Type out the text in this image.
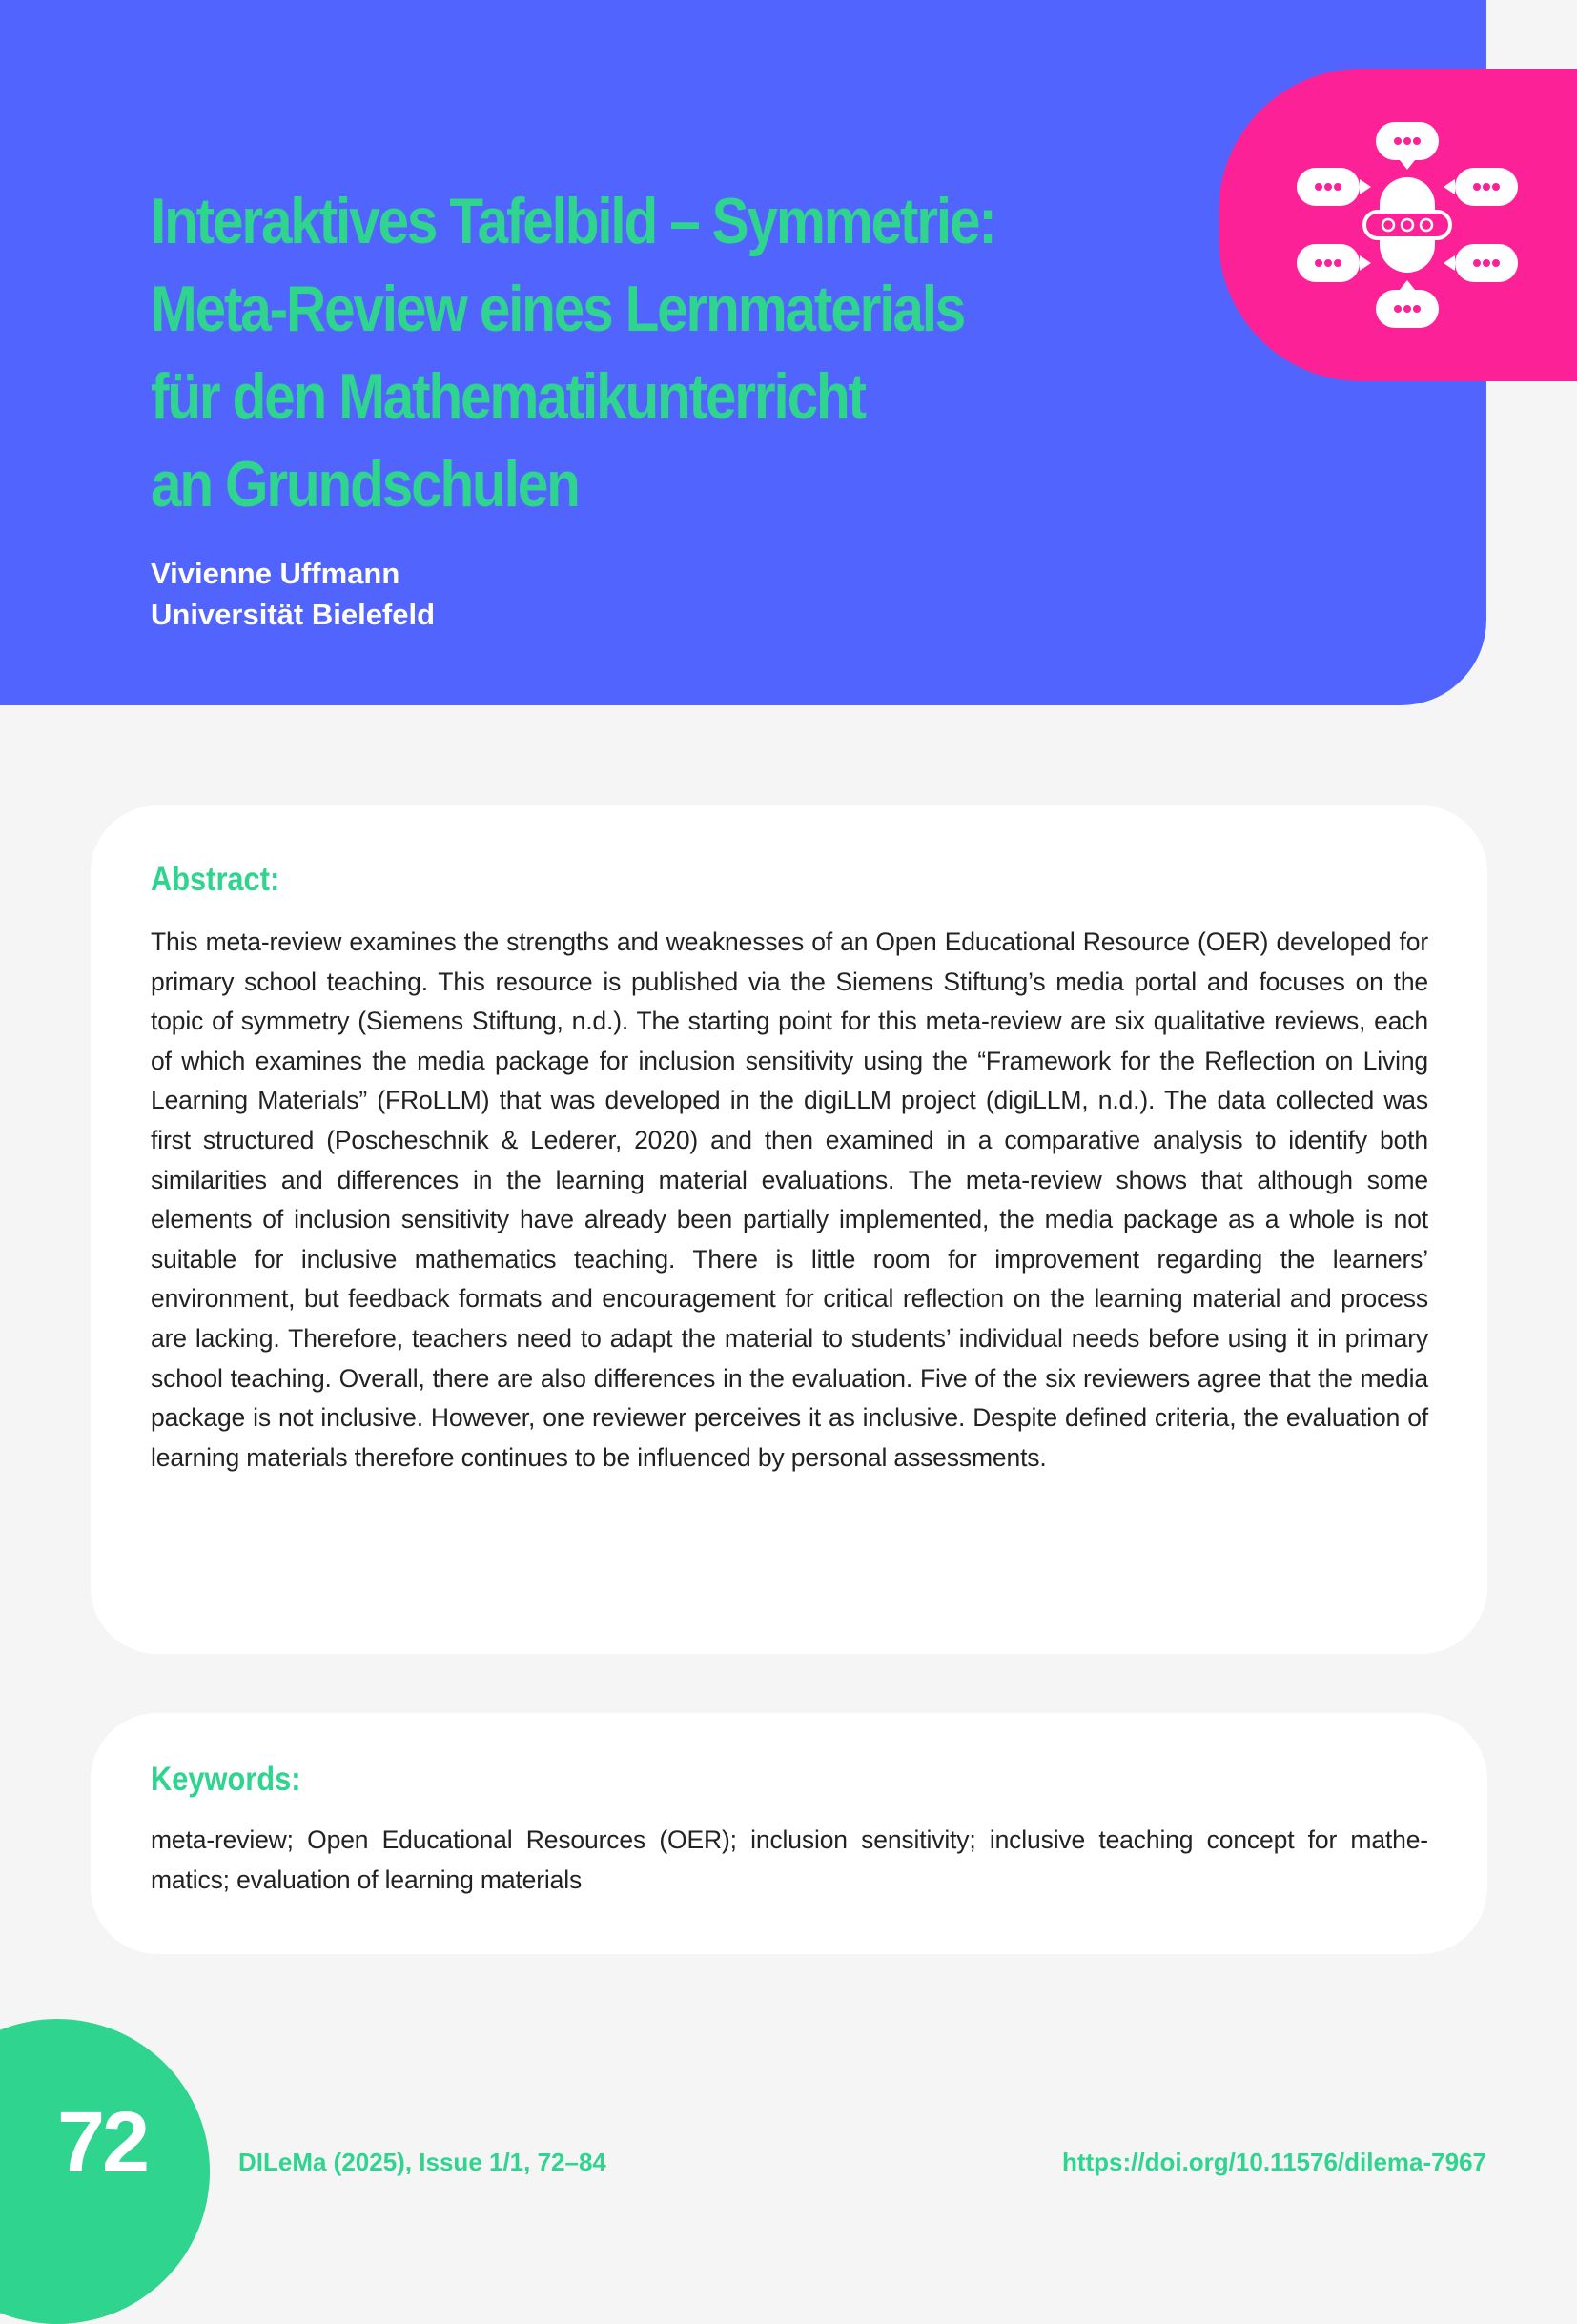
Interaktives Tafelbild – Symmetrie:
Meta-Review eines Lernmaterials
für den Mathematikunterricht
an Grundschulen
Vivienne Uffmann
Universität Bielefeld
Abstract:

This meta-review examines the strengths and weaknesses of an Open Educational Resource (OER) developed for primary school teaching. This resource is published via the Siemens Stiftung’s media portal and focuses on the topic of symmetry (Siemens Stiftung, n.d.). The starting point for this meta-review are six qualitative reviews, each of which examines the media package for inclusion sensitivity using the “Framework for the Reflection on Living Learning Materials” (FRoLLM) that was developed in the digiLLM project (digiLLM, n.d.). The data collected was first structured (Poscheschnik & Lederer, 2020) and then examined in a comparative analysis to identify both similarities and differences in the learning material evaluations. The meta-review shows that although some elements of inclusion sensitivity have already been partially implemented, the media package as a whole is not suitable for inclusive mathematics teaching. There is little room for improvement regarding the learners’ environment, but feedback formats and encouragement for critical reflection on the learning material and process are lacking. Therefore, teachers need to adapt the material to students’ individual needs before using it in primary school teaching. Overall, there are also differences in the evaluation. Five of the six reviewers agree that the media package is not inclusive. However, one reviewer perceives it as inclusive. Despite defined criteria, the evaluation of learning materials therefore continues to be influenced by personal assessments.

Keywords:

meta-review; Open Educational Resources (OER); inclusion sensitivity; inclusive teaching concept for mathe-matics; evaluation of learning materials

72	DILeMa (2025), Issue 1/1, 72–84	https://doi.org/10.11576/dilema-7967
